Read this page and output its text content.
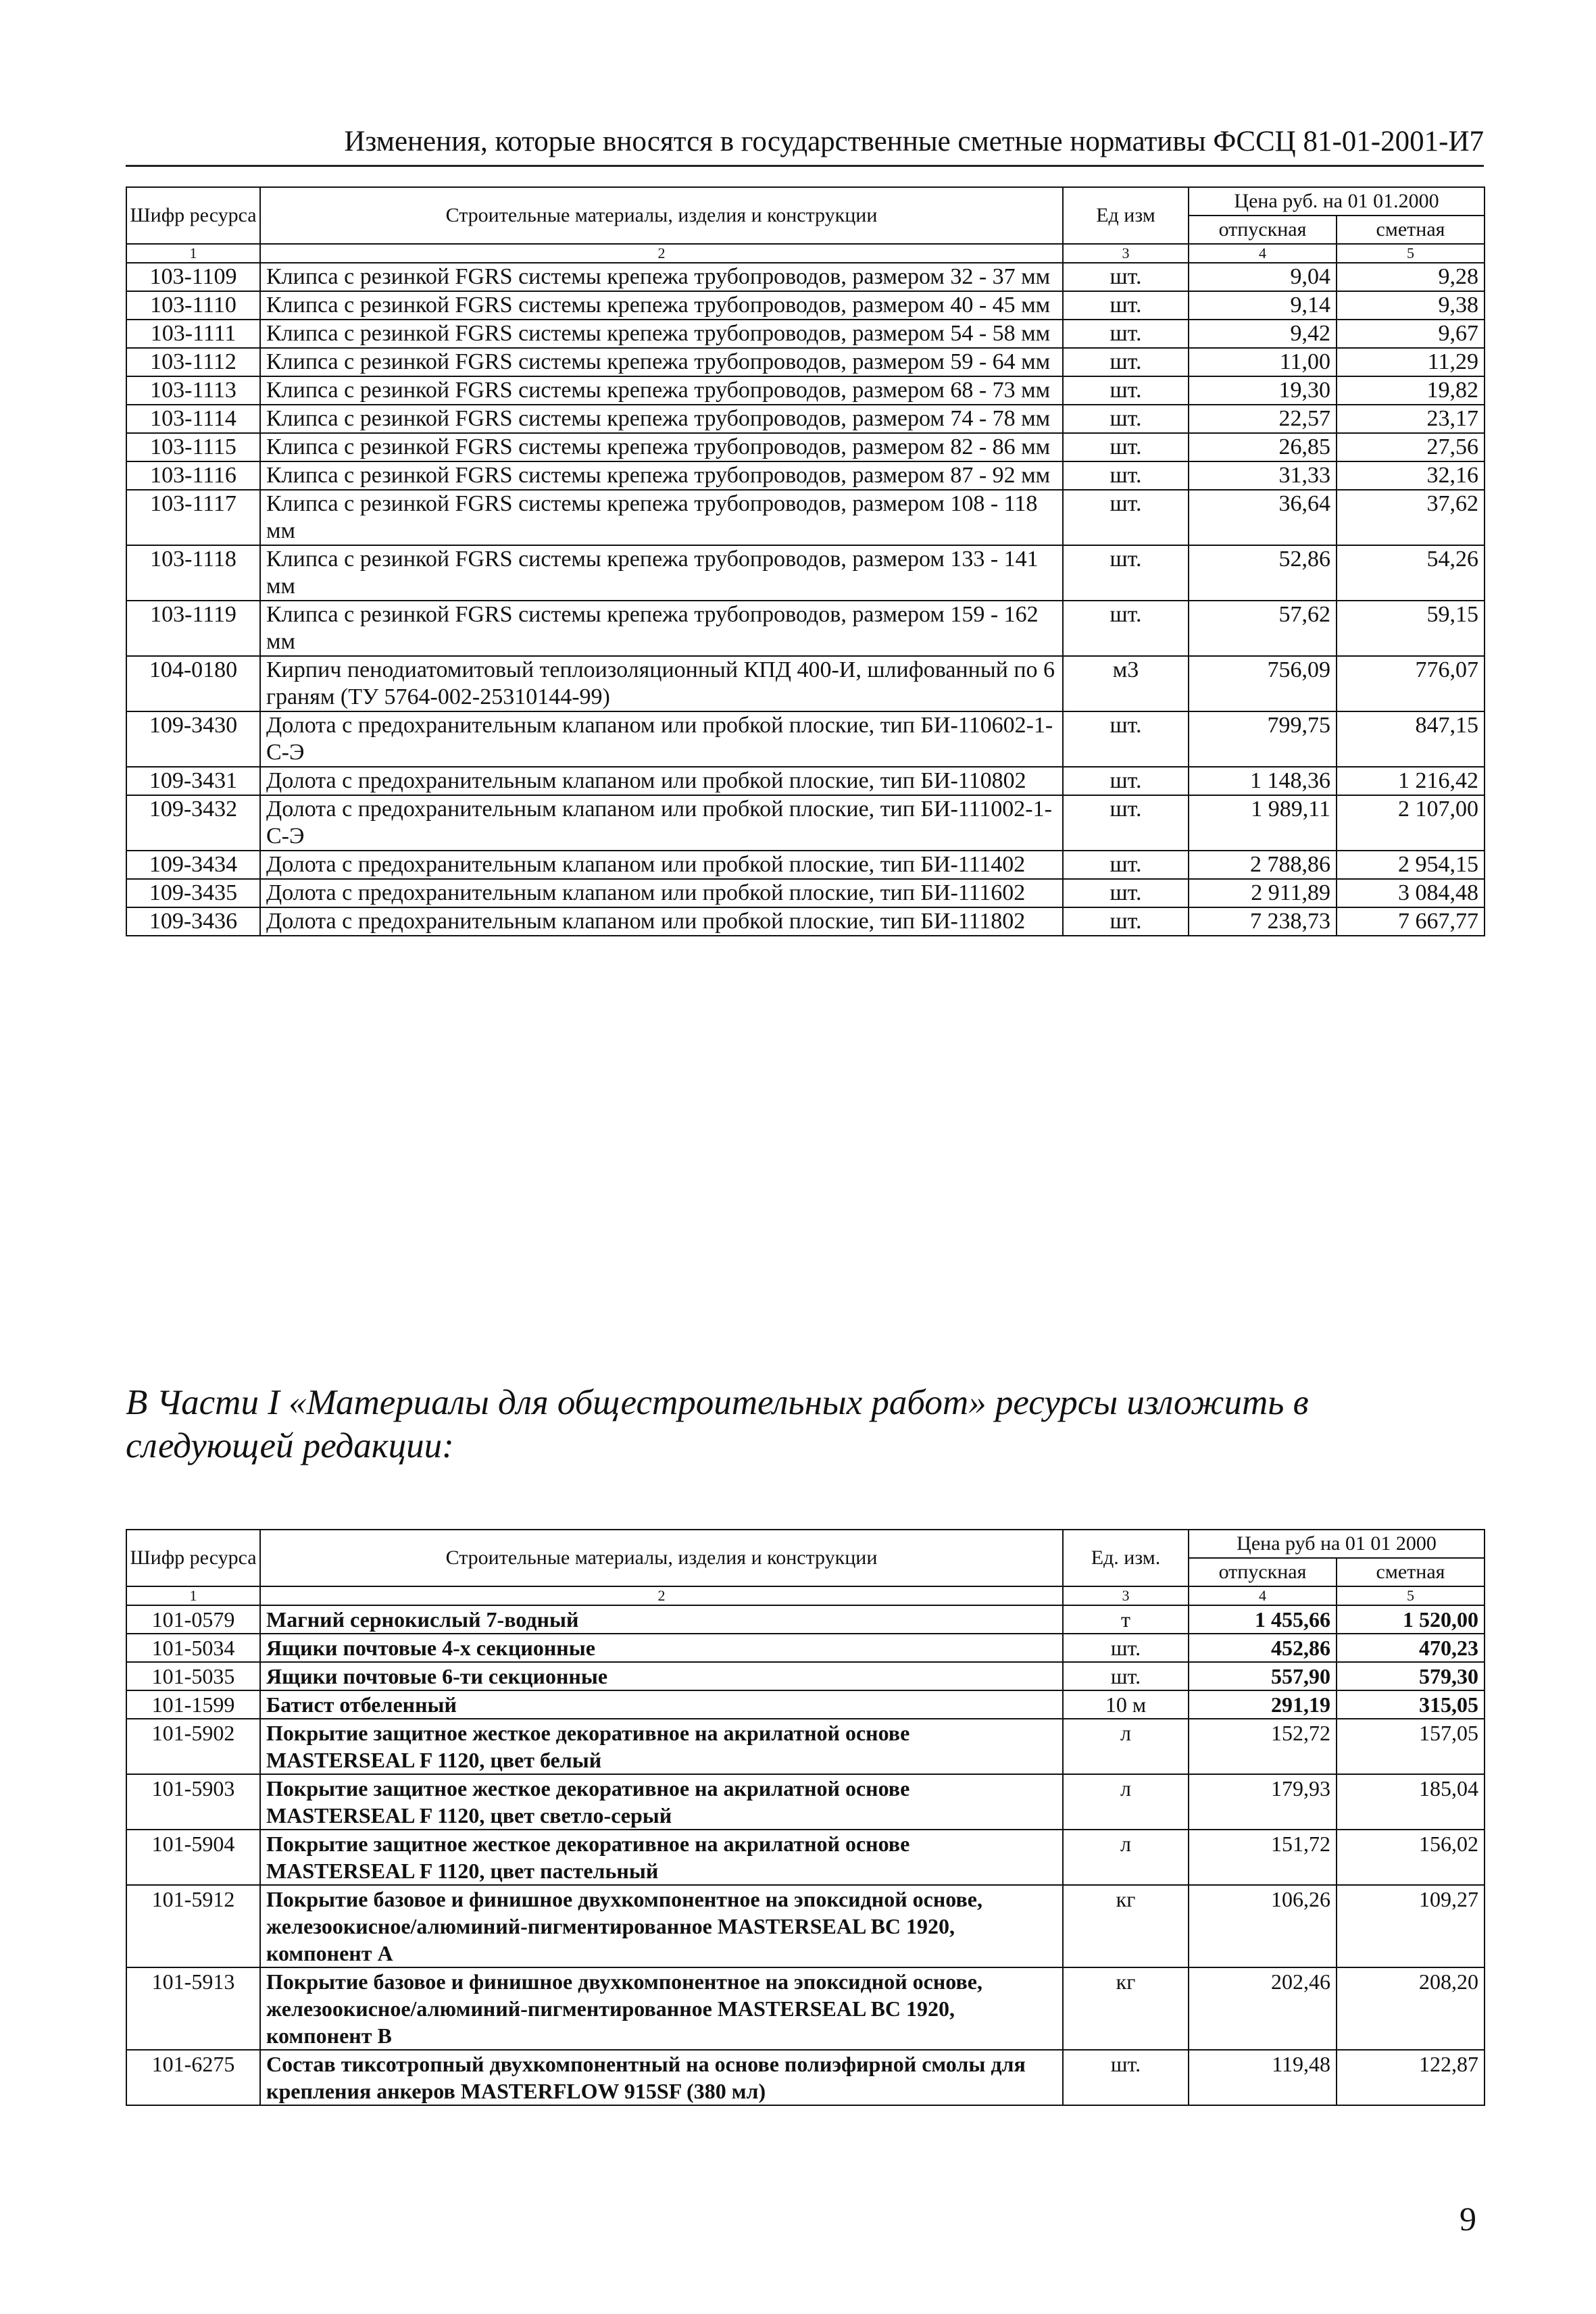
Изменения, которые вносятся в государственные сметные нормативы ФССЦ 81-01-2001-И7
Шифр ресурса	Строительные материалы, изделия и конструкции	Ед изм	Цена руб. на 01 01.2000	
			отпускная	сметная
1	2	3	4	5
103-1109	Клипса с резинкой FGRS системы крепежа трубопроводов, размером 32 - 37 мм	шт.	9,04	9,28
103-1110	Клипса с резинкой FGRS системы крепежа трубопроводов, размером 40 - 45 мм	шт.	9,14	9,38
103-1111	Клипса с резинкой FGRS системы крепежа трубопроводов, размером 54 - 58 мм	шт.	9,42	9,67
103-1112	Клипса с резинкой FGRS системы крепежа трубопроводов, размером 59 - 64 мм	шт.	11,00	11,29
103-1113	Клипса с резинкой FGRS системы крепежа трубопроводов, размером 68 - 73 мм	шт.	19,30	19,82
103-1114	Клипса с резинкой FGRS системы крепежа трубопроводов, размером 74 - 78 мм	шт.	22,57	23,17
103-1115	Клипса с резинкой FGRS системы крепежа трубопроводов, размером 82 - 86 мм	шт.	26,85	27,56
103-1116	Клипса с резинкой FGRS системы крепежа трубопроводов, размером 87 - 92 мм	шт.	31,33	32,16
103-1117	Клипса с резинкой FGRS системы крепежа трубопроводов, размером 108 - 118 мм	шт.	36,64	37,62
103-1118	Клипса с резинкой FGRS системы крепежа трубопроводов, размером 133 - 141 мм	шт.	52,86	54,26
103-1119	Клипса с резинкой FGRS системы крепежа трубопроводов, размером 159 - 162 мм	шт.	57,62	59,15
104-0180	Кирпич пенодиатомитовый теплоизоляционный КПД 400-И, шлифованный по 6 граням (ТУ 5764-002-25310144-99)	м3	756,09	776,07
109-3430	Долота с предохранительным клапаном или пробкой плоские, тип БИ-110602-1-С-Э	шт.	799,75	847,15
109-3431	Долота с предохранительным клапаном или пробкой плоские, тип БИ-110802	шт.	1 148,36	1 216,42
109-3432	Долота с предохранительным клапаном или пробкой плоские, тип БИ-111002-1-С-Э	шт.	1 989,11	2 107,00
109-3434	Долота с предохранительным клапаном или пробкой плоские, тип БИ-111402	шт.	2 788,86	2 954,15
109-3435	Долота с предохранительным клапаном или пробкой плоские, тип БИ-111602	шт.	2 911,89	3 084,48
109-3436	Долота с предохранительным клапаном или пробкой плоские, тип БИ-111802	шт.	7 238,73	7 667,77
В Части I «Материалы для общестроительных работ» ресурсы изложить в следующей редакции:
Шифр ресурса	Строительные материалы, изделия и конструкции	Ед. изм.	Цена руб на 01 01 2000	
			отпускная	сметная
1	2	3	4	5
101-0579	Магний сернокислый 7-водный	т	1 455,66	1 520,00
101-5034	Ящики почтовые 4-х секционные	шт.	452,86	470,23
101-5035	Ящики почтовые 6-ти секционные	шт.	557,90	579,30
101-1599	Батист отбеленный	10 м	291,19	315,05
101-5902	Покрытие защитное жесткое декоративное на акрилатной основе MASTERSEAL F 1120, цвет белый	л	152,72	157,05
101-5903	Покрытие защитное жесткое декоративное на акрилатной основе MASTERSEAL F 1120, цвет светло-серый	л	179,93	185,04
101-5904	Покрытие защитное жесткое декоративное на акрилатной основе MASTERSEAL F 1120, цвет пастельный	л	151,72	156,02
101-5912	Покрытие базовое и финишное двухкомпонентное на эпоксидной основе, железоокисное/алюминий-пигментированное MASTERSEAL BC 1920, компонент А	кг	106,26	109,27
101-5913	Покрытие базовое и финишное двухкомпонентное на эпоксидной основе, железоокисное/алюминий-пигментированное MASTERSEAL BC 1920, компонент В	кг	202,46	208,20
101-6275	Состав тиксотропный двухкомпонентный на основе полиэфирной смолы для крепления анкеров MASTERFLOW 915SF (380 мл)	шт.	119,48	122,87
9
